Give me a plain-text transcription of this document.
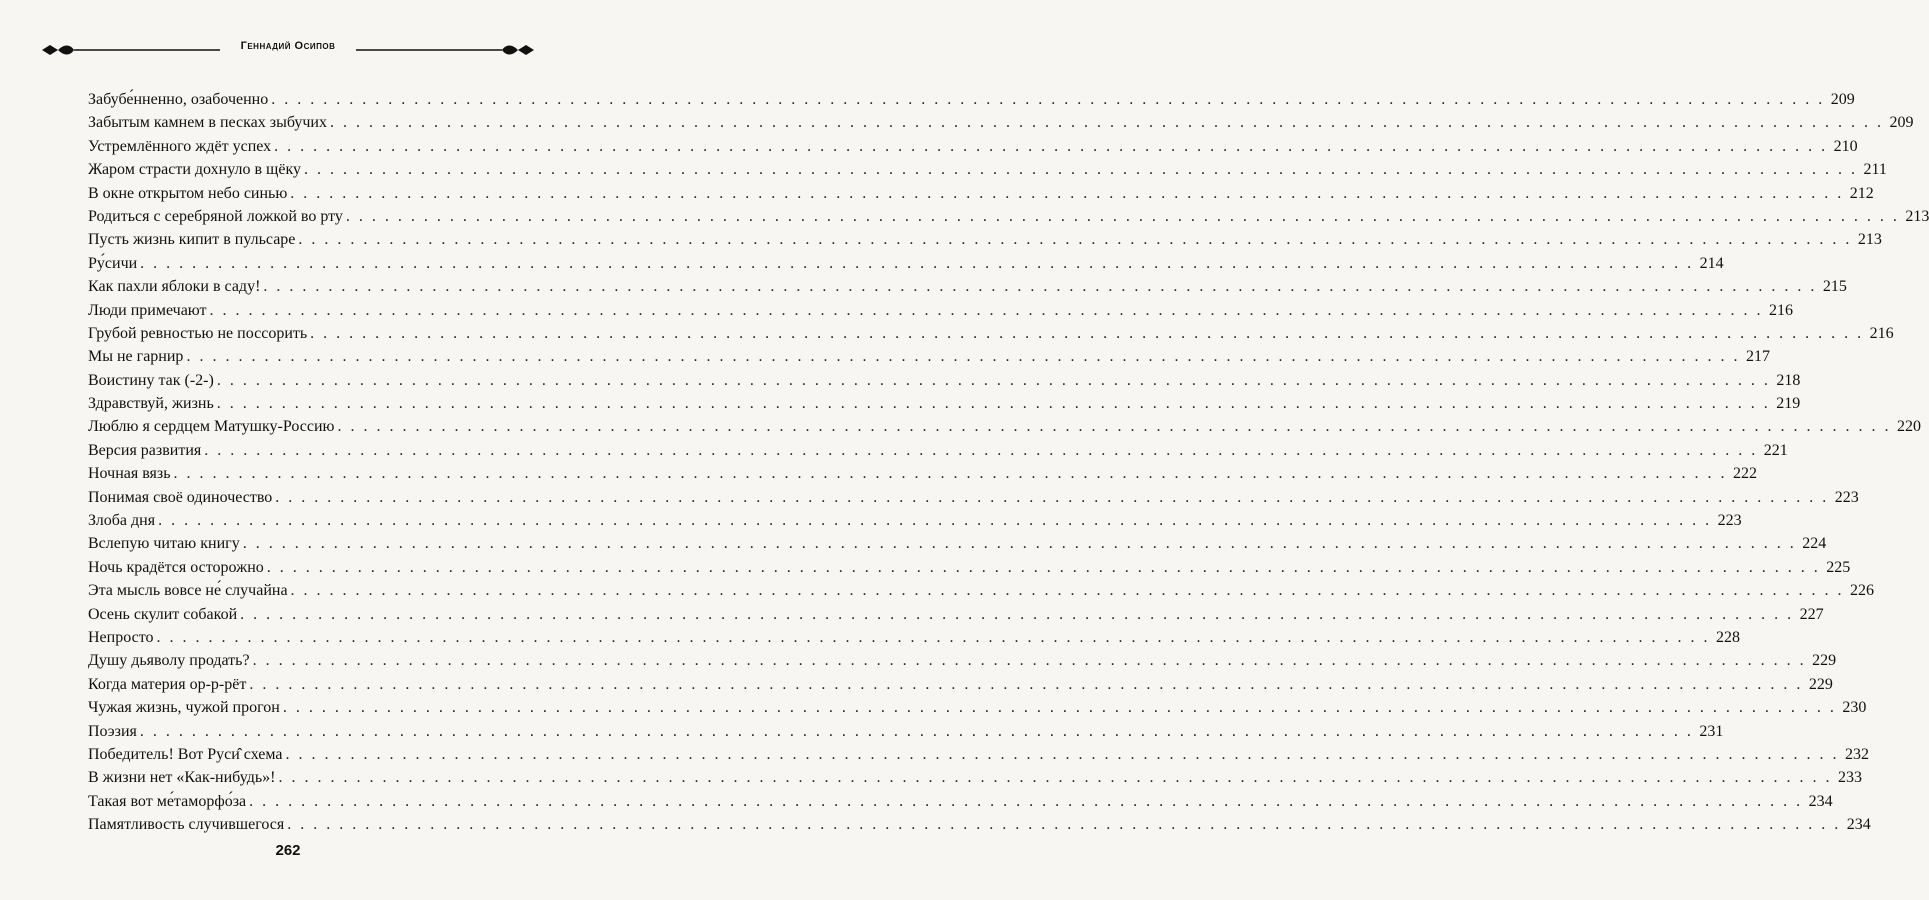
Геннадий Осипов
Забубе́нненно, озабоченно . . . . . . . . . . . . . . . . . . . . . . . . . . . . . . . . . . . . . . . . . . . . . . . . . . . . . . . . . . . . . . . . . . . . . . . . . . . . . . . . . . . . . . . . . . . . . . . . . . . . . . . . . . . . . . . . . . . . . . . . 209
Забытым камнем в песках зыбучих . . . . . . . . . . . . . . . . . . . . . . . . . . . . . . . . . . . . . . . . . . . . . . . . . . . . . . . . . . . . . . . . . . . . . . . . . . . . . . . . . . . . . . . . . . . . . . . . . . . . . . . . . . . . . . . . . . . . . . . . 209
Устремлённого ждёт успех . . . . . . . . . . . . . . . . . . . . . . . . . . . . . . . . . . . . . . . . . . . . . . . . . . . . . . . . . . . . . . . . . . . . . . . . . . . . . . . . . . . . . . . . . . . . . . . . . . . . . . . . . . . . . . . . . . . . . . . . 210
Жаром страсти дохнуло в щёку . . . . . . . . . . . . . . . . . . . . . . . . . . . . . . . . . . . . . . . . . . . . . . . . . . . . . . . . . . . . . . . . . . . . . . . . . . . . . . . . . . . . . . . . . . . . . . . . . . . . . . . . . . . . . . . . . . . . . . . . 211
В окне открытом небо синью . . . . . . . . . . . . . . . . . . . . . . . . . . . . . . . . . . . . . . . . . . . . . . . . . . . . . . . . . . . . . . . . . . . . . . . . . . . . . . . . . . . . . . . . . . . . . . . . . . . . . . . . . . . . . . . . . . . . . . . . 212
Родиться с серебряной ложкой во рту . . . . . . . . . . . . . . . . . . . . . . . . . . . . . . . . . . . . . . . . . . . . . . . . . . . . . . . . . . . . . . . . . . . . . . . . . . . . . . . . . . . . . . . . . . . . . . . . . . . . . . . . . . . . . . . . . . . . . . . . 213
Пусть жизнь кипит в пульсаре . . . . . . . . . . . . . . . . . . . . . . . . . . . . . . . . . . . . . . . . . . . . . . . . . . . . . . . . . . . . . . . . . . . . . . . . . . . . . . . . . . . . . . . . . . . . . . . . . . . . . . . . . . . . . . . . . . . . . . . . 213
Ру́сичи . . . . . . . . . . . . . . . . . . . . . . . . . . . . . . . . . . . . . . . . . . . . . . . . . . . . . . . . . . . . . . . . . . . . . . . . . . . . . . . . . . . . . . . . . . . . . . . . . . . . . . . . . . . . . . . . . . . . . . . . 214
Как пахли яблоки в саду! . . . . . . . . . . . . . . . . . . . . . . . . . . . . . . . . . . . . . . . . . . . . . . . . . . . . . . . . . . . . . . . . . . . . . . . . . . . . . . . . . . . . . . . . . . . . . . . . . . . . . . . . . . . . . . . . . . . . . . . . 215
Люди примечают . . . . . . . . . . . . . . . . . . . . . . . . . . . . . . . . . . . . . . . . . . . . . . . . . . . . . . . . . . . . . . . . . . . . . . . . . . . . . . . . . . . . . . . . . . . . . . . . . . . . . . . . . . . . . . . . . . . . . . . . 216
Грубой ревностью не поссорить . . . . . . . . . . . . . . . . . . . . . . . . . . . . . . . . . . . . . . . . . . . . . . . . . . . . . . . . . . . . . . . . . . . . . . . . . . . . . . . . . . . . . . . . . . . . . . . . . . . . . . . . . . . . . . . . . . . . . . . . 216
Мы не гарнир . . . . . . . . . . . . . . . . . . . . . . . . . . . . . . . . . . . . . . . . . . . . . . . . . . . . . . . . . . . . . . . . . . . . . . . . . . . . . . . . . . . . . . . . . . . . . . . . . . . . . . . . . . . . . . . . . . . . . . . . 217
Воистину так (-2-) . . . . . . . . . . . . . . . . . . . . . . . . . . . . . . . . . . . . . . . . . . . . . . . . . . . . . . . . . . . . . . . . . . . . . . . . . . . . . . . . . . . . . . . . . . . . . . . . . . . . . . . . . . . . . . . . . . . . . . . . 218
Здравствуй, жизнь . . . . . . . . . . . . . . . . . . . . . . . . . . . . . . . . . . . . . . . . . . . . . . . . . . . . . . . . . . . . . . . . . . . . . . . . . . . . . . . . . . . . . . . . . . . . . . . . . . . . . . . . . . . . . . . . . . . . . . . . 219
Люблю я сердцем Матушку-Россию . . . . . . . . . . . . . . . . . . . . . . . . . . . . . . . . . . . . . . . . . . . . . . . . . . . . . . . . . . . . . . . . . . . . . . . . . . . . . . . . . . . . . . . . . . . . . . . . . . . . . . . . . . . . . . . . . . . . . . . . 220
Версия развития . . . . . . . . . . . . . . . . . . . . . . . . . . . . . . . . . . . . . . . . . . . . . . . . . . . . . . . . . . . . . . . . . . . . . . . . . . . . . . . . . . . . . . . . . . . . . . . . . . . . . . . . . . . . . . . . . . . . . . . . 221
Ночная вязь . . . . . . . . . . . . . . . . . . . . . . . . . . . . . . . . . . . . . . . . . . . . . . . . . . . . . . . . . . . . . . . . . . . . . . . . . . . . . . . . . . . . . . . . . . . . . . . . . . . . . . . . . . . . . . . . . . . . . . . . 222
Понимая своё одиночество . . . . . . . . . . . . . . . . . . . . . . . . . . . . . . . . . . . . . . . . . . . . . . . . . . . . . . . . . . . . . . . . . . . . . . . . . . . . . . . . . . . . . . . . . . . . . . . . . . . . . . . . . . . . . . . . . . . . . . . . 223
Злоба дня . . . . . . . . . . . . . . . . . . . . . . . . . . . . . . . . . . . . . . . . . . . . . . . . . . . . . . . . . . . . . . . . . . . . . . . . . . . . . . . . . . . . . . . . . . . . . . . . . . . . . . . . . . . . . . . . . . . . . . . . 223
Вслепую читаю книгу . . . . . . . . . . . . . . . . . . . . . . . . . . . . . . . . . . . . . . . . . . . . . . . . . . . . . . . . . . . . . . . . . . . . . . . . . . . . . . . . . . . . . . . . . . . . . . . . . . . . . . . . . . . . . . . . . . . . . . . . 224
Ночь крадётся осторожно . . . . . . . . . . . . . . . . . . . . . . . . . . . . . . . . . . . . . . . . . . . . . . . . . . . . . . . . . . . . . . . . . . . . . . . . . . . . . . . . . . . . . . . . . . . . . . . . . . . . . . . . . . . . . . . . . . . . . . . . 225
Эта мысль вовсе не́ случайна . . . . . . . . . . . . . . . . . . . . . . . . . . . . . . . . . . . . . . . . . . . . . . . . . . . . . . . . . . . . . . . . . . . . . . . . . . . . . . . . . . . . . . . . . . . . . . . . . . . . . . . . . . . . . . . . . . . . . . . . 226
Осень скулит собакой . . . . . . . . . . . . . . . . . . . . . . . . . . . . . . . . . . . . . . . . . . . . . . . . . . . . . . . . . . . . . . . . . . . . . . . . . . . . . . . . . . . . . . . . . . . . . . . . . . . . . . . . . . . . . . . . . . . . . . . . 227
Непросто . . . . . . . . . . . . . . . . . . . . . . . . . . . . . . . . . . . . . . . . . . . . . . . . . . . . . . . . . . . . . . . . . . . . . . . . . . . . . . . . . . . . . . . . . . . . . . . . . . . . . . . . . . . . . . . . . . . . . . . . 228
Душу дьяволу продать? . . . . . . . . . . . . . . . . . . . . . . . . . . . . . . . . . . . . . . . . . . . . . . . . . . . . . . . . . . . . . . . . . . . . . . . . . . . . . . . . . . . . . . . . . . . . . . . . . . . . . . . . . . . . . . . . . . . . . . . . 229
Когда материя ор-р-рёт . . . . . . . . . . . . . . . . . . . . . . . . . . . . . . . . . . . . . . . . . . . . . . . . . . . . . . . . . . . . . . . . . . . . . . . . . . . . . . . . . . . . . . . . . . . . . . . . . . . . . . . . . . . . . . . . . . . . . . . . 229
Чужая жизнь, чужой прогон . . . . . . . . . . . . . . . . . . . . . . . . . . . . . . . . . . . . . . . . . . . . . . . . . . . . . . . . . . . . . . . . . . . . . . . . . . . . . . . . . . . . . . . . . . . . . . . . . . . . . . . . . . . . . . . . . . . . . . . . 230
Поэзия . . . . . . . . . . . . . . . . . . . . . . . . . . . . . . . . . . . . . . . . . . . . . . . . . . . . . . . . . . . . . . . . . . . . . . . . . . . . . . . . . . . . . . . . . . . . . . . . . . . . . . . . . . . . . . . . . . . . . . . . 231
Победитель! Вот Руси̂ схема . . . . . . . . . . . . . . . . . . . . . . . . . . . . . . . . . . . . . . . . . . . . . . . . . . . . . . . . . . . . . . . . . . . . . . . . . . . . . . . . . . . . . . . . . . . . . . . . . . . . . . . . . . . . . . . . . . . . . . . . 232
В жизни нет «Как-нибудь»! . . . . . . . . . . . . . . . . . . . . . . . . . . . . . . . . . . . . . . . . . . . . . . . . . . . . . . . . . . . . . . . . . . . . . . . . . . . . . . . . . . . . . . . . . . . . . . . . . . . . . . . . . . . . . . . . . . . . . . . . 233
Такая вот ме́таморфо́за . . . . . . . . . . . . . . . . . . . . . . . . . . . . . . . . . . . . . . . . . . . . . . . . . . . . . . . . . . . . . . . . . . . . . . . . . . . . . . . . . . . . . . . . . . . . . . . . . . . . . . . . . . . . . . . . . . . . . . . . 234
Памятливость случившегося . . . . . . . . . . . . . . . . . . . . . . . . . . . . . . . . . . . . . . . . . . . . . . . . . . . . . . . . . . . . . . . . . . . . . . . . . . . . . . . . . . . . . . . . . . . . . . . . . . . . . . . . . . . . . . . . . . . . . . . . 234
262
